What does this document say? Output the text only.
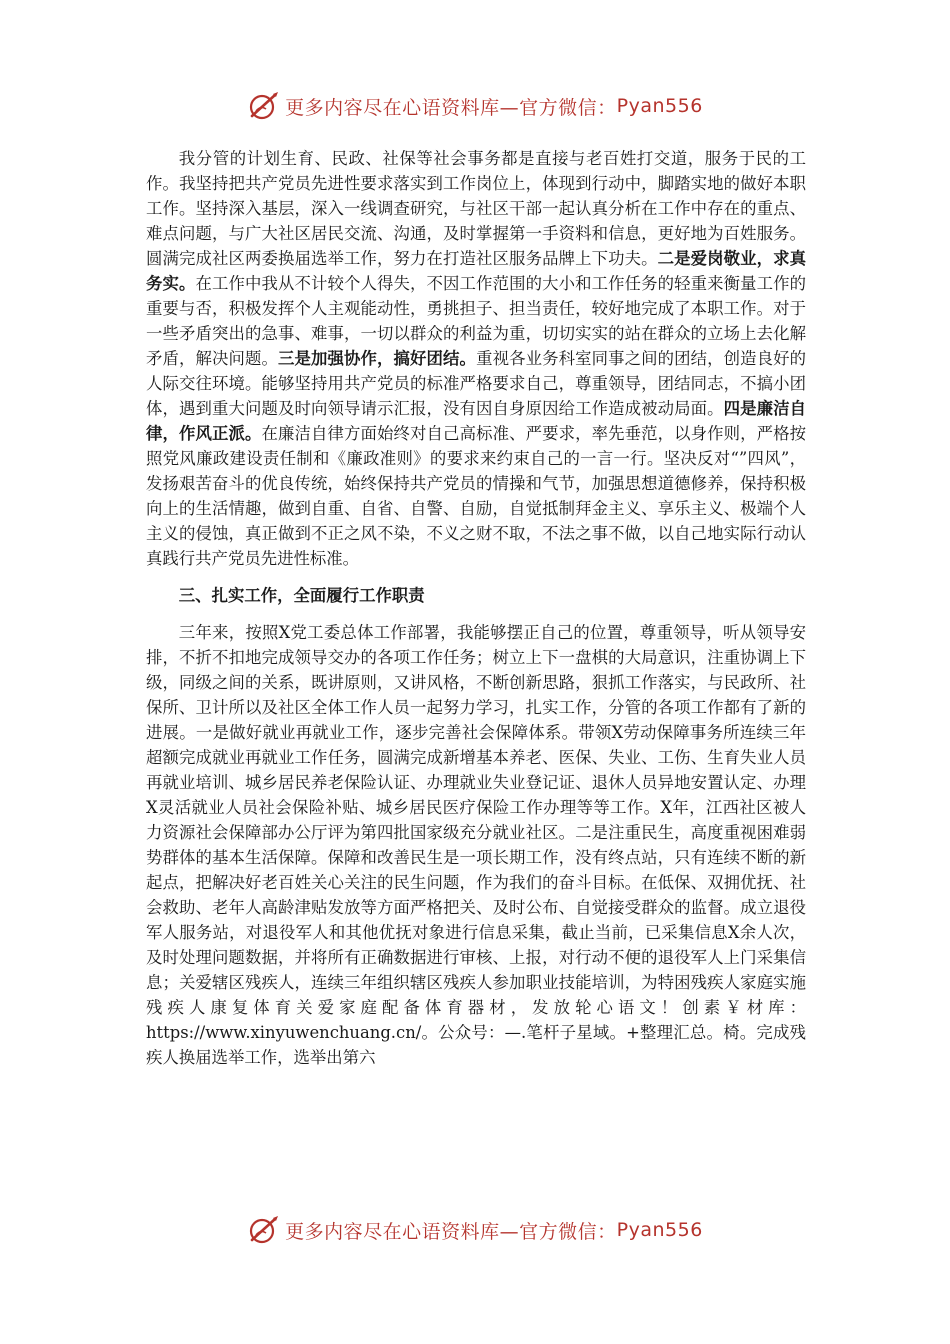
更多内容尽在心语资料库—官方微信： Pyan556

我分管的计划生育、民政、社保等社会事务都是直接与老百姓打交道，服务于民的工作。我坚持把共产党员先进性要求落实到工作岗位上，体现到行动中，脚踏实地的做好本职工作。坚持深入基层，深入一线调查研究，与社区干部一起认真分析在工作中存在的重点、难点问题，与广大社区居民交流、沟通，及时掌握第一手资料和信息，更好地为百姓服务。圆满完成社区两委换届选举工作，努力在打造社区服务品牌上下功夫。二是爱岗敬业，求真务实。在工作中我从不计较个人得失，不因工作范围的大小和工作任务的轻重来衡量工作的重要与否，积极发挥个人主观能动性，勇挑担子、担当责任，较好地完成了本职工作。对于一些矛盾突出的急事、难事，一切以群众的利益为重，切切实实的站在群众的立场上去化解矛盾，解决问题。三是加强协作，搞好团结。重视各业务科室同事之间的团结，创造良好的人际交往环境。能够坚持用共产党员的标准严格要求自己，尊重领导，团结同志，不搞小团体，遇到重大问题及时向领导请示汇报，没有因自身原因给工作造成被动局面。四是廉洁自律，作风正派。在廉洁自律方面始终对自己高标准、严要求，率先垂范，以身作则，严格按照党风廉政建设责任制和《廉政准则》的要求来约束自己的一言一行。坚决反对“”四风”，发扬艰苦奋斗的优良传统，始终保持共产党员的情操和气节，加强思想道德修养，保持积极向上的生活情趣，做到自重、自省、自警、自励，自觉抵制拜金主义、享乐主义、极端个人主义的侵蚀，真正做到不正之风不染，不义之财不取，不法之事不做，以自己地实际行动认真践行共产党员先进性标准。

三、扎实工作，全面履行工作职责

三年来，按照X党工委总体工作部署，我能够摆正自己的位置，尊重领导，听从领导安排，不折不扣地完成领导交办的各项工作任务；树立上下一盘棋的大局意识，注重协调上下级，同级之间的关系，既讲原则，又讲风格，不断创新思路，狠抓工作落实，与民政所、社保所、卫计所以及社区全体工作人员一起努力学习，扎实工作，分管的各项工作都有了新的进展。一是做好就业再就业工作，逐步完善社会保障体系。带领X劳动保障事务所连续三年超额完成就业再就业工作任务，圆满完成新增基本养老、医保、失业、工伤、生育失业人员再就业培训、城乡居民养老保险认证、办理就业失业登记证、退休人员异地安置认定、办理X灵活就业人员社会保险补贴、城乡居民医疗保险工作办理等等工作。X年，江西社区被人力资源社会保障部办公厅评为第四批国家级充分就业社区。二是注重民生，高度重视困难弱势群体的基本生活保障。保障和改善民生是一项长期工作，没有终点站，只有连续不断的新起点，把解决好老百姓关心关注的民生问题，作为我们的奋斗目标。在低保、双拥优抚、社会救助、老年人高龄津贴发放等方面严格把关、及时公布、自觉接受群众的监督。成立退役军人服务站，对退役军人和其他优抚对象进行信息采集，截止当前，已采集信息X余人次，及时处理问题数据，并将所有正确数据进行审核、上报，对行动不便的退役军人上门采集信息；关爱辖区残疾人，连续三年组织辖区残疾人参加职业技能培训，为特困残疾人家庭实施残疾人康复体育关爱家庭配备体育器材，发放轮心语文！创素￥材库：https://www.xinyuwenchuang.cn/。公众号：—.笔杆子星域。+整理汇总。椅。完成残疾人换届选举工作，选举出第六

更多内容尽在心语资料库—官方微信： Pyan556
